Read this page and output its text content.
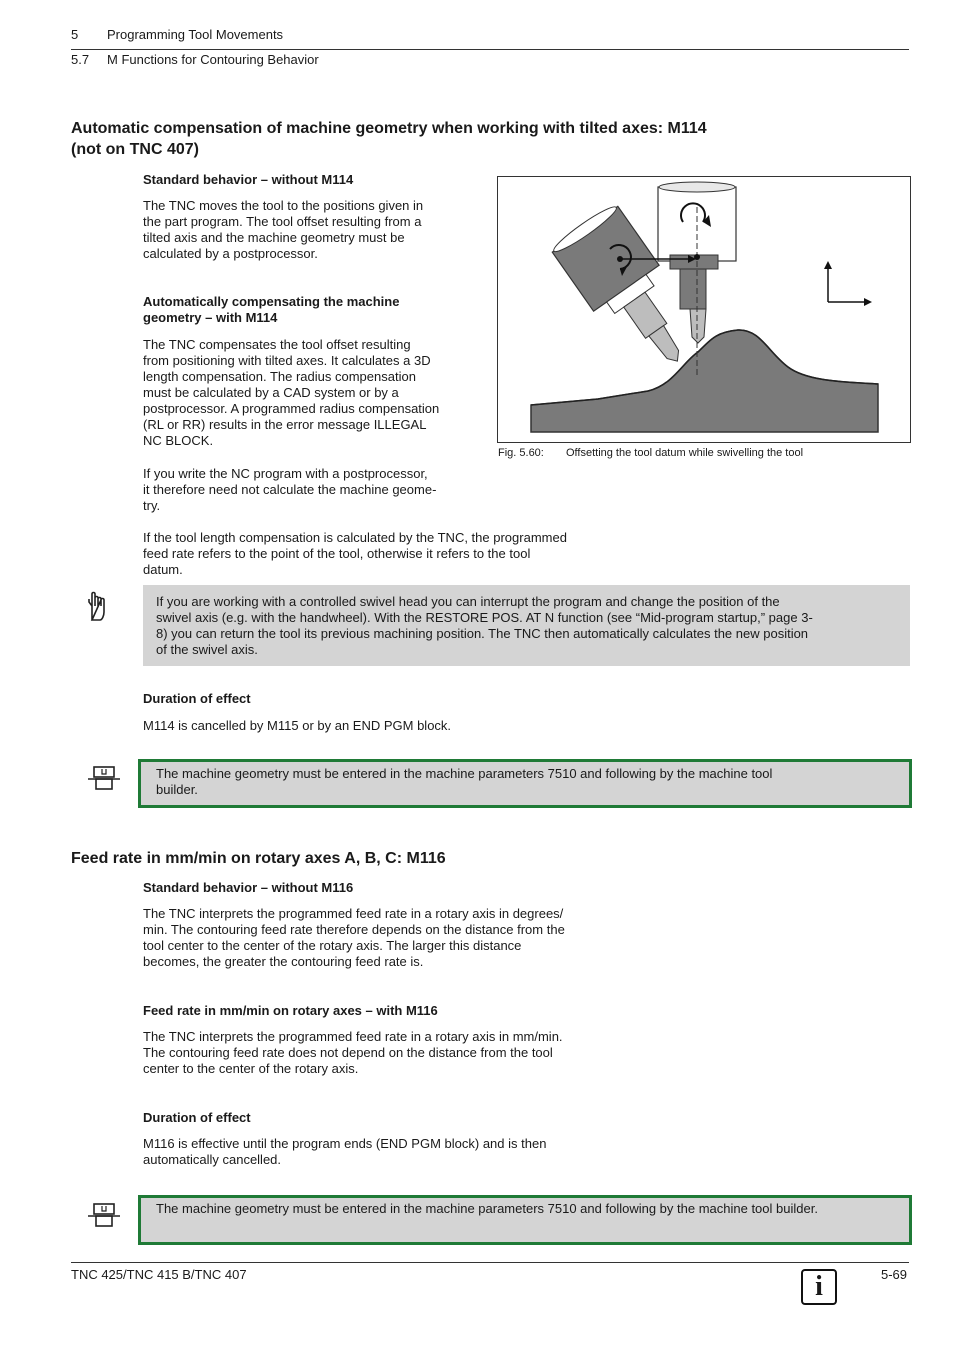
5 Programming Tool Movements
5.7 M Functions for Contouring Behavior
Automatic compensation of machine geometry when working with tilted axes: M114
(not on TNC 407)
Standard behavior – without M114
The TNC moves the tool to the positions given in
the part program. The tool offset resulting from a
tilted axis and the machine geometry must be
calculated by a postprocessor.
Automatically compensating the machine
geometry – with M114
The TNC compensates the tool offset resulting
from positioning with tilted axes. It calculates a 3D
length compensation. The radius compensation
must be calculated by a CAD system or by a
postprocessor. A programmed radius compensation
(RL or RR) results in the error message ILLEGAL
NC BLOCK.
If you write the NC program with a postprocessor,
it therefore need not calculate the machine geome-
try.
If the tool length compensation is calculated by the TNC, the programmed
feed rate refers to the point of the tool, otherwise it refers to the tool
datum.
Fig. 5.60: Offsetting the tool datum while swivelling the tool
If you are working with a controlled swivel head you can interrupt the program and change the position of the
swivel axis (e.g. with the handwheel). With the RESTORE POS. AT N function (see “Mid-program startup,” page 3-
8) you can return the tool its previous machining position. The TNC then automatically calculates the new position
of the swivel axis.
Duration of effect
M114 is cancelled by M115 or by an END PGM block.
The machine geometry must be entered in the machine parameters 7510 and following by the machine tool
builder.
Feed rate in mm/min on rotary axes A, B, C: M116
Standard behavior – without M116
The TNC interprets the programmed feed rate in a rotary axis in degrees/
min. The contouring feed rate therefore depends on the distance from the
tool center to the center of the rotary axis. The larger this distance
becomes, the greater the contouring feed rate is.
Feed rate in mm/min on rotary axes – with M116
The TNC interprets the programmed feed rate in a rotary axis in mm/min.
The contouring feed rate does not depend on the distance from the tool
center to the center of the rotary axis.
Duration of effect
M116 is effective until the program ends (END PGM block) and is then
automatically cancelled.
The machine geometry must be entered in the machine parameters 7510 and following by the machine tool builder.
TNC 425/TNC 415 B/TNC 407	i	5-69
